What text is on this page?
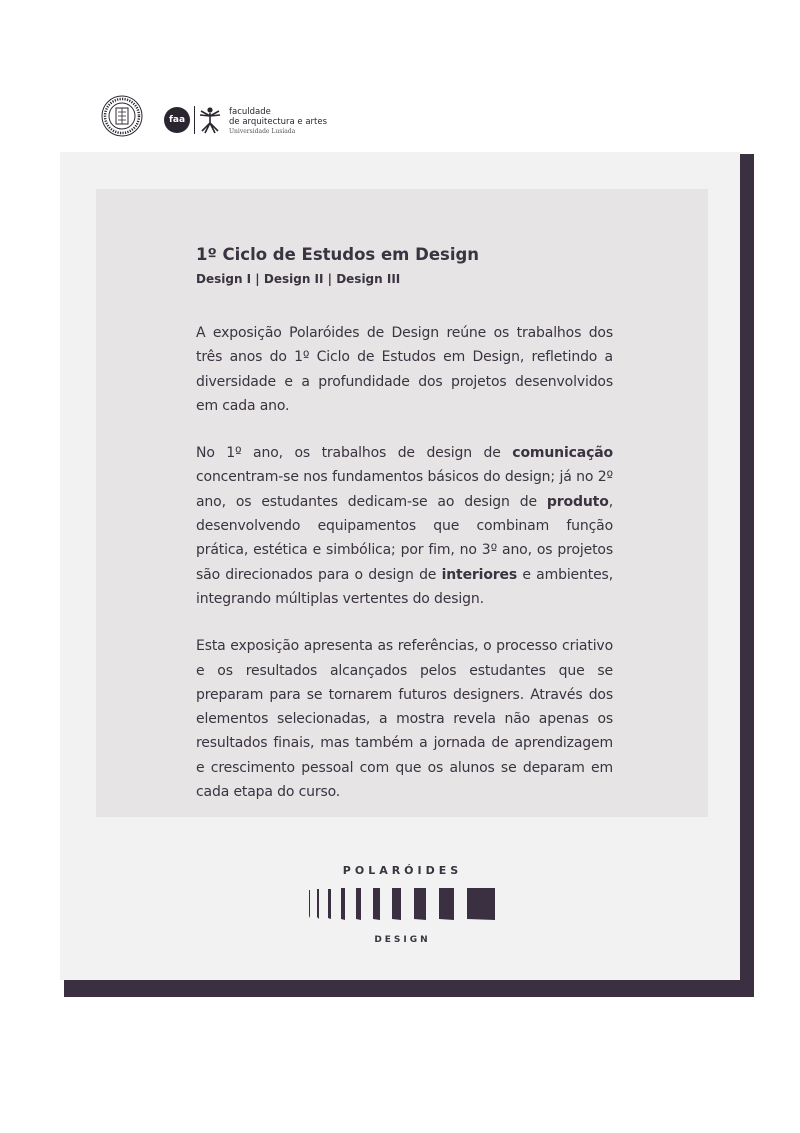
faa
faculdade
de arquitectura e artes
Universidade Lusíada
1º Ciclo de Estudos em Design

Design I | Design II | Design III

A exposição Polaróides de Design reúne os trabalhos dos três anos do 1º Ciclo de Estudos em Design, refletindo a diversidade e a profundidade dos projetos desenvolvidos em cada ano.

No 1º ano, os trabalhos de design de comunicação concentram-se nos fundamentos básicos do design; já no 2º ano, os estudantes dedicam-se ao design de produto, desenvolvendo equipamentos que combinam função prática, estética e simbólica; por fim, no 3º ano, os projetos são direcionados para o design de interiores e ambientes, integrando múltiplas vertentes do design.

Esta exposição apresenta as referências, o processo criativo e os resultados alcançados pelos estudantes que se preparam para se tornarem futuros designers. Através dos elementos selecionadas, a mostra revela não apenas os resultados finais, mas também a jornada de aprendizagem e crescimento pessoal com que os alunos se deparam em cada etapa do curso.

POLARÓIDES
DESIGN
